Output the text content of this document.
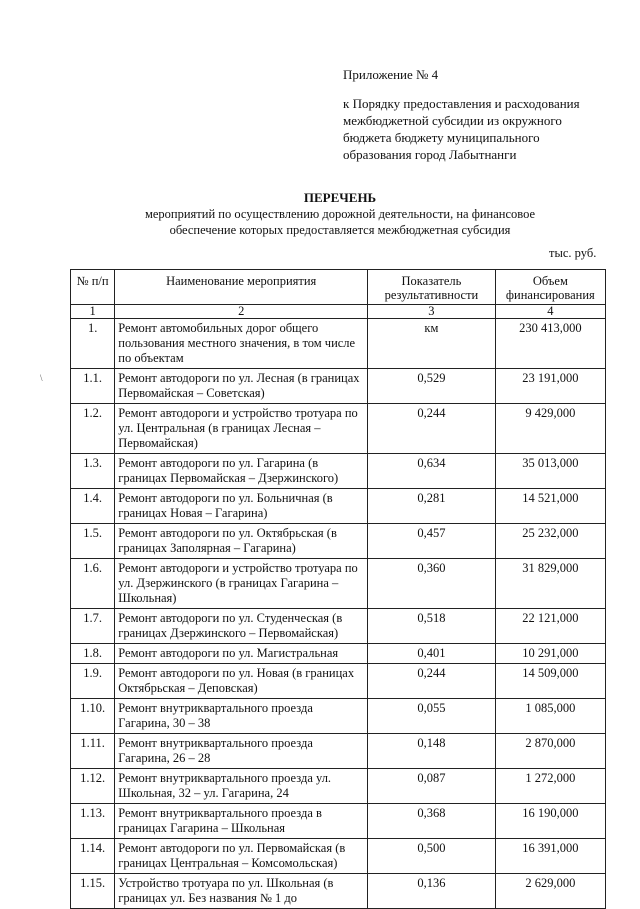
Приложение № 4
к Порядку предоставления и расходования
межбюджетной субсидии из окружного
бюджета бюджету муниципального
образования город Лабытнанги
ПЕРЕЧЕНЬ
мероприятий по осуществлению дорожной деятельности, на финансовое
обеспечение которых предоставляется межбюджетная субсидия
тыс. руб.
№ п/п	Наименование мероприятия	Показатель результативности	Объем финансирования
1	2	3	4
1.	Ремонт автомобильных дорог общего пользования местного значения, в том числе по объектам	км	230 413,000
1.1.	Ремонт автодороги по ул. Лесная (в границах Первомайская – Советская)	0,529	23 191,000
1.2.	Ремонт автодороги и устройство тротуара по ул. Центральная (в границах Лесная – Первомайская)	0,244	9 429,000
1.3.	Ремонт автодороги по ул. Гагарина (в границах Первомайская – Дзержинского)	0,634	35 013,000
1.4.	Ремонт автодороги по ул. Больничная (в границах Новая – Гагарина)	0,281	14 521,000
1.5.	Ремонт автодороги по ул. Октябрьская (в границах Заполярная – Гагарина)	0,457	25 232,000
1.6.	Ремонт автодороги и устройство тротуара по ул. Дзержинского (в границах Гагарина – Школьная)	0,360	31 829,000
1.7.	Ремонт автодороги по ул. Студенческая (в границах Дзержинского – Первомайская)	0,518	22 121,000
1.8.	Ремонт автодороги по ул. Магистральная	0,401	10 291,000
1.9.	Ремонт автодороги по ул. Новая (в границах Октябрьская – Деповская)	0,244	14 509,000
1.10.	Ремонт внутриквартального проезда Гагарина, 30 – 38	0,055	1 085,000
1.11.	Ремонт внутриквартального проезда Гагарина, 26 – 28	0,148	2 870,000
1.12.	Ремонт внутриквартального проезда ул. Школьная, 32 – ул. Гагарина, 24	0,087	1 272,000
1.13.	Ремонт внутриквартального проезда в границах Гагарина – Школьная	0,368	16 190,000
1.14.	Ремонт автодороги по ул. Первомайская (в границах Центральная – Комсомольская)	0,500	16 391,000
1.15.	Устройство тротуара по ул. Школьная (в границах ул. Без названия № 1 до	0,136	2 629,000
\
